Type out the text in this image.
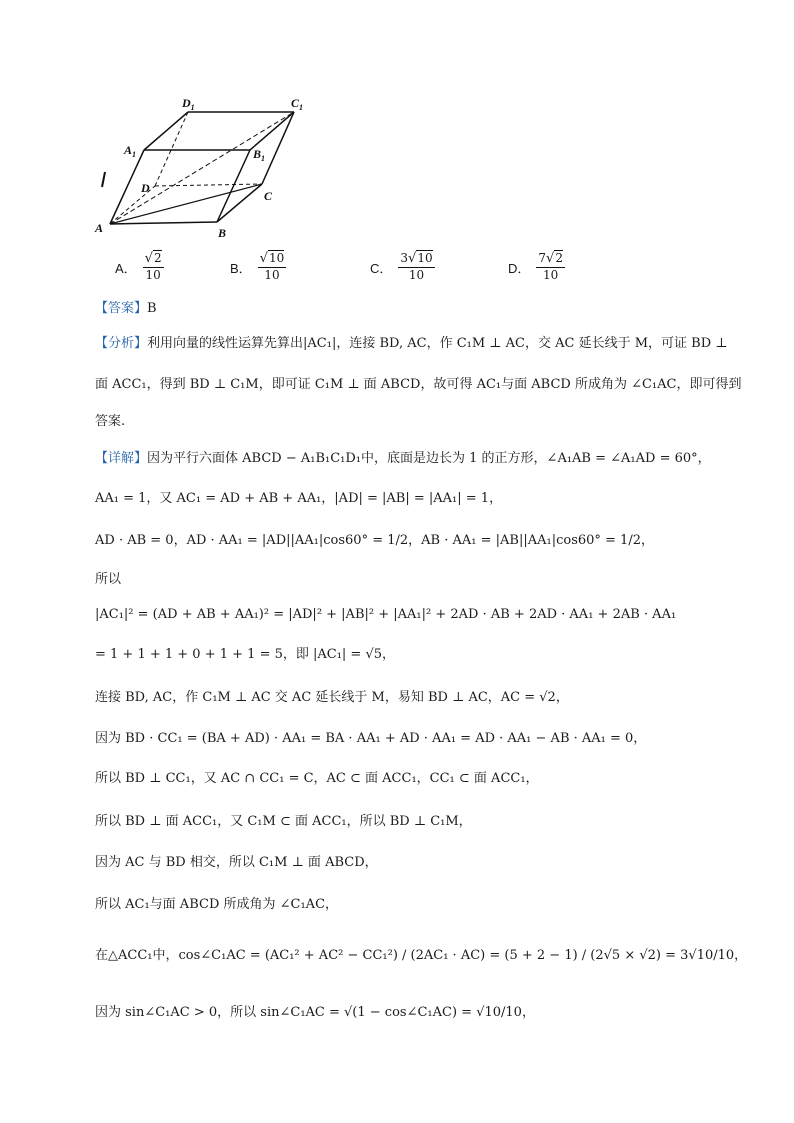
A	B
C
D
$A_1$	$B_1$
$C_1$
$D_1$
A． $\frac{√2}{10}$	B． $\frac{√10}{10}$	C． $\frac{3√10}{10}$	D． $\frac{7√2}{10}$
【答案】B
【分析】利用向量的线性运算先算出|AC₁|，连接 BD, AC，作 C₁M ⊥ AC，交 AC 延长线于 M，可证 BD ⊥
面 ACC₁，得到 BD ⊥ C₁M，即可证 C₁M ⊥ 面 ABCD，故可得 AC₁与面 ABCD 所成角为 ∠C₁AC，即可得到
答案.
【详解】因为平行六面体 ABCD − A₁B₁C₁D₁中，底面是边长为 1 的正方形，∠A₁AB = ∠A₁AD = 60°，
AA₁ = 1，又 AC₁ = AD + AB + AA₁，|AD| = |AB| = |AA₁| = 1，
AD · AB = 0，AD · AA₁ = |AD||AA₁|cos60° = 1/2，AB · AA₁ = |AB||AA₁|cos60° = 1/2，
所以
|AC₁|² = (AD + AB + AA₁)² = |AD|² + |AB|² + |AA₁|² + 2AD · AB + 2AD · AA₁ + 2AB · AA₁
= 1 + 1 + 1 + 0 + 1 + 1 = 5，即 |AC₁| = √5，
连接 BD, AC，作 C₁M ⊥ AC 交 AC 延长线于 M，易知 BD ⊥ AC，AC = √2，
因为 BD · CC₁ = (BA + AD) · AA₁ = BA · AA₁ + AD · AA₁ = AD · AA₁ − AB · AA₁ = 0，
所以 BD ⊥ CC₁，又 AC ∩ CC₁ = C，AC ⊂ 面 ACC₁，CC₁ ⊂ 面 ACC₁，
所以 BD ⊥ 面 ACC₁，又 C₁M ⊂ 面 ACC₁，所以 BD ⊥ C₁M，
因为 AC 与 BD 相交，所以 C₁M ⊥ 面 ABCD，
所以 AC₁与面 ABCD 所成角为 ∠C₁AC，
在△ACC₁中，cos∠C₁AC = (AC₁² + AC² − CC₁²) / (2AC₁ · AC) = (5 + 2 − 1) / (2√5 × √2) = 3√10/10，
因为 sin∠C₁AC > 0，所以 sin∠C₁AC = √(1 − cos∠C₁AC) = √10/10，
